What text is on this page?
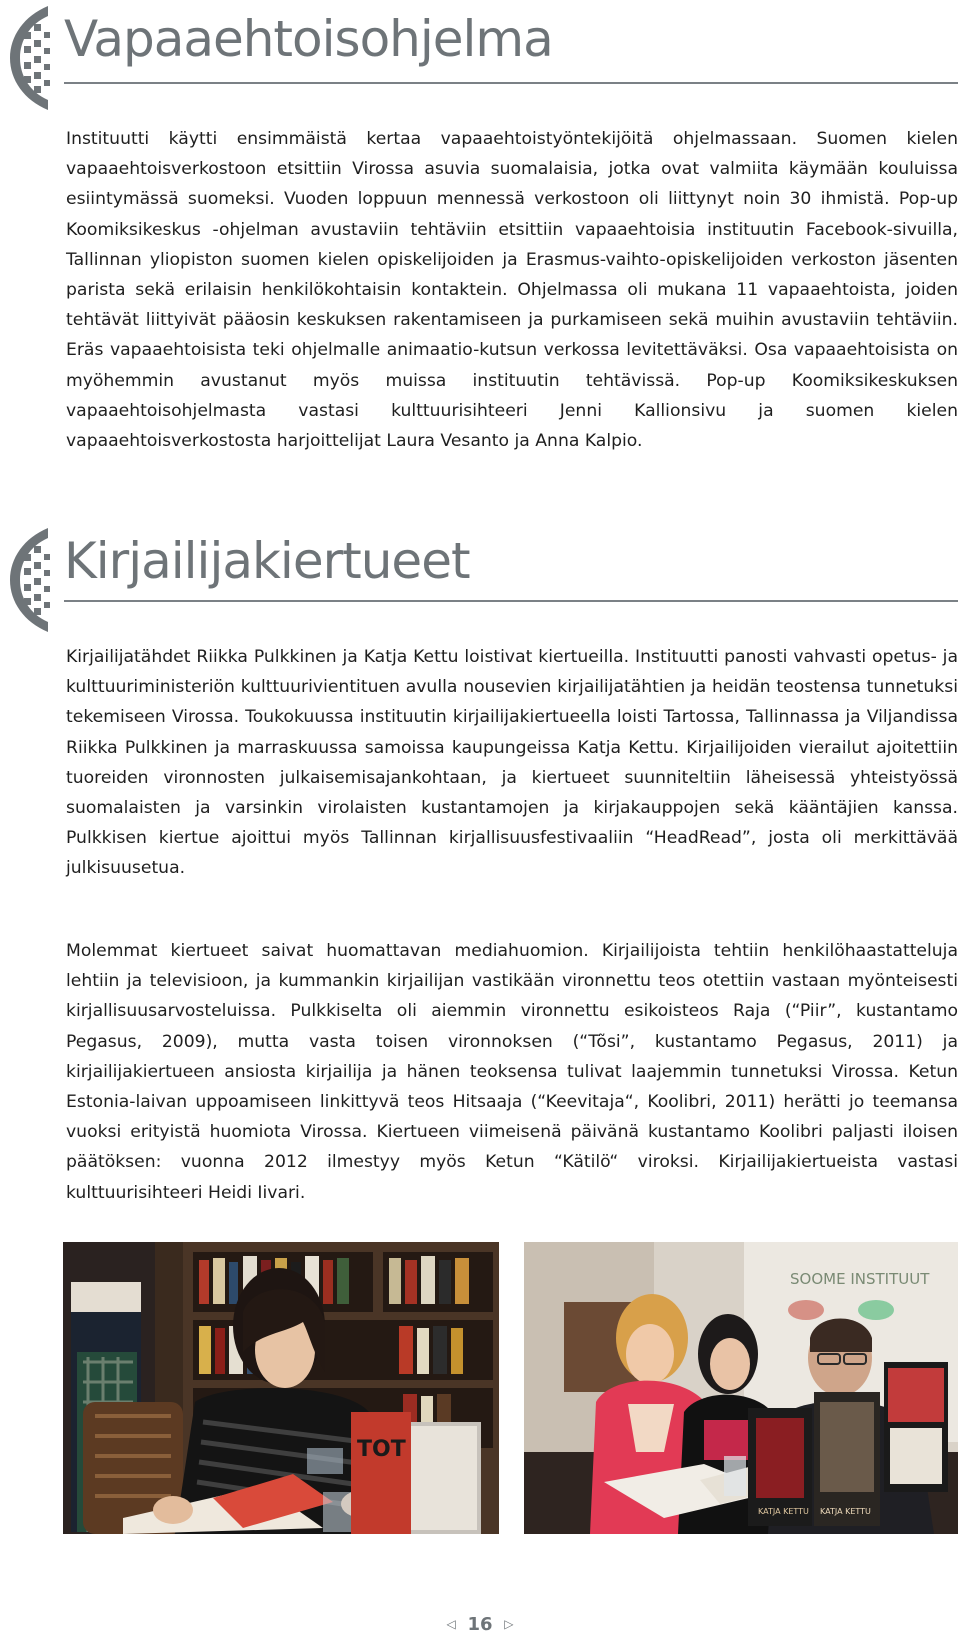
Vapaaehtoisohjelma

Instituutti käytti ensimmäistä kertaa vapaaehtoistyöntekijöitä ohjelmassaan. Suomen kielen vapaaehtoisverkostoon etsittiin Virossa asuvia suomalaisia, jotka ovat valmiita käymään kouluissa esiintymässä suomeksi. Vuoden loppuun mennessä verkostoon oli liittynyt noin 30 ihmistä. Pop-up Koomiksikeskus -ohjelman avustaviin tehtäviin etsittiin vapaaehtoisia instituutin Facebook-sivuilla, Tallinnan yliopiston suomen kielen opiskelijoiden ja Erasmus-vaihto-opiskelijoiden verkoston jäsenten parista sekä erilaisin henkilökohtaisin kontaktein. Ohjelmassa oli mukana 11 vapaaehtoista, joiden tehtävät liittyivät pääosin keskuksen rakentamiseen ja purkamiseen sekä muihin avustaviin tehtäviin. Eräs vapaaehtoisista teki ohjelmalle animaatio-kutsun verkossa levitettäväksi. Osa vapaaehtoisista on myöhemmin avustanut myös muissa instituutin tehtävissä. Pop-up Koomiksikeskuksen vapaaehtoisohjelmasta vastasi kulttuurisihteeri Jenni Kallionsivu ja suomen kielen vapaaehtoisverkostosta harjoittelijat Laura Vesanto ja Anna Kalpio.

Kirjailijakiertueet

Kirjailijatähdet Riikka Pulkkinen ja Katja Kettu loistivat kiertueilla. Instituutti panosti vahvasti opetus- ja kulttuuriministeriön kulttuurivientituen avulla nousevien kirjailijatähtien ja heidän teostensa tunnetuksi tekemiseen Virossa. Toukokuussa instituutin kirjailijakiertueella loisti Tartossa, Tallinnassa ja Viljandissa Riikka Pulkkinen ja marraskuussa samoissa kaupungeissa Katja Kettu. Kirjailijoiden vierailut ajoitettiin tuoreiden vironnosten julkaisemisajankohtaan, ja kiertueet suunniteltiin läheisessä yhteistyössä suomalaisten ja varsinkin virolaisten kustantamojen ja kirjakauppojen sekä kääntäjien kanssa. Pulkkisen kiertue ajoittui myös Tallinnan kirjallisuusfestivaaliin “HeadRead”, josta oli merkittävää julkisuusetua.

Molemmat kiertueet saivat huomattavan mediahuomion. Kirjailijoista tehtiin henkilöhaastatteluja lehtiin ja televisioon, ja kummankin kirjailijan vastikään vironnettu teos otettiin vastaan myönteisesti kirjallisuusarvosteluissa. Pulkkiselta oli aiemmin vironnettu esikoisteos Raja (“Piir”, kustantamo Pegasus, 2009), mutta vasta toisen vironnoksen (“Tõsi”, kustantamo Pegasus, 2011) ja kirjailijakiertueen ansiosta kirjailija ja hänen teoksensa tulivat laajemmin tunnetuksi Virossa. Ketun Estonia-laivan uppoamiseen linkittyvä teos Hitsaaja (“Keevitaja“, Koolibri, 2011) herätti jo teemansa vuoksi erityistä huomiota Virossa. Kiertueen viimeisenä päivänä kustantamo Koolibri paljasti iloisen päätöksen: vuonna 2012 ilmestyy myös Ketun “Kätilö“ viroksi. Kirjailijakiertueista vastasi kulttuurisihteeri Heidi Iivari.

TOT
SOOME INSTITUUT
KATJA KETTU KATJA KETTU
◁ 16 ▷
